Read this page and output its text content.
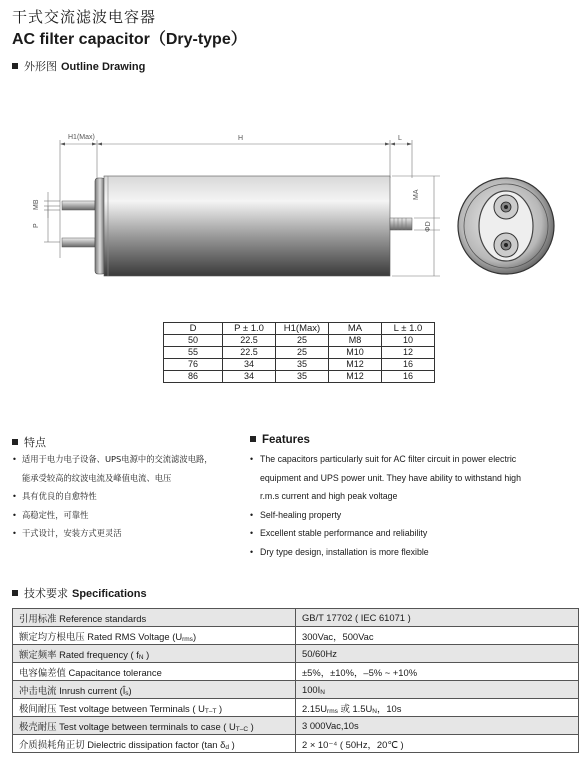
干式交流滤波电容器
AC filter capacitor（Dry-type）
外形图 Outline Drawing
H1(Max)	H	L
MB
P
MA
ΦD
D	P ± 1.0	H1(Max)	MA	L ± 1.0
50	22.5	25	M8	10
55	22.5	25	M10	12
76	34	35	M12	16
86	34	35	M12	16
特点
• 适用于电力电子设备、UPS电源中的交流滤波电路，
能承受较高的纹波电流及峰值电流、电压
• 具有优良的自愈特性
• 高稳定性，可靠性
• 干式设计，安装方式更灵活
Features
• The capacitors particularly suit for AC filter circuit in power electric
equipment and UPS power unit. They have ability to withstand high
r.m.s current and high peak voltage
• Self-healing property
• Excellent stable performance and reliability
• Dry type design, installation is more flexible
技术要求 Specifications
引用标准 Reference standards	GB/T 17702 ( IEC 61071 )
额定均方根电压 Rated RMS Voltage (Urms)	300Vac，500Vac
额定频率 Rated frequency ( fN )	50/60Hz
电容偏差值 Capacitance tolerance	±5%，±10%，–5% ~ +10%
冲击电流 Inrush current (Îs)	100IN
极间耐压 Test voltage between Terminals ( UT–T )	2.15Urms 或 1.5UN，10s
极壳耐压 Test voltage between terminals to case ( UT–C )	3 000Vac,10s
介质损耗角正切 Dielectric dissipation factor (tan δd )	2 × 10⁻⁴ ( 50Hz，20℃ )
